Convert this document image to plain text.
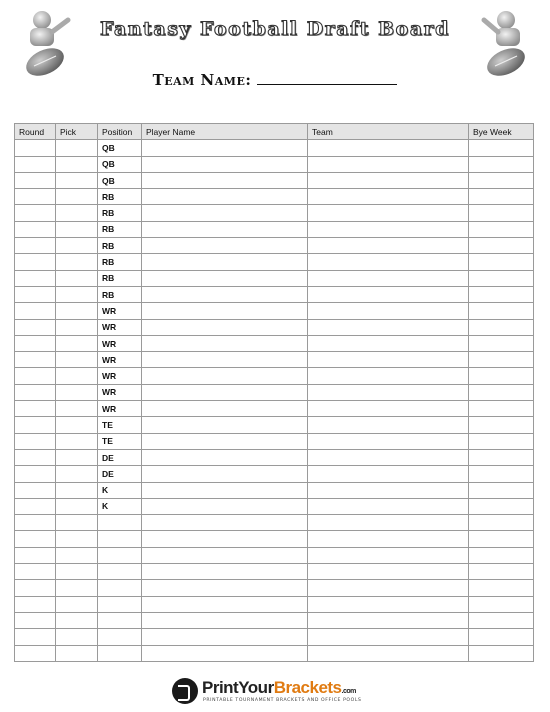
Fantasy Football Draft Board
Team Name:
Round	Pick	Position	Player Name	Team	Bye Week
		QB			
		QB			
		QB			
		RB			
		RB			
		RB			
		RB			
		RB			
		RB			
		RB			
		WR			
		WR			
		WR			
		WR			
		WR			
		WR			
		WR			
		TE			
		TE			
		DE			
		DE			
		K			
		K			

PrintYourBrackets.com
PRINTABLE TOURNAMENT BRACKETS AND OFFICE POOLS
